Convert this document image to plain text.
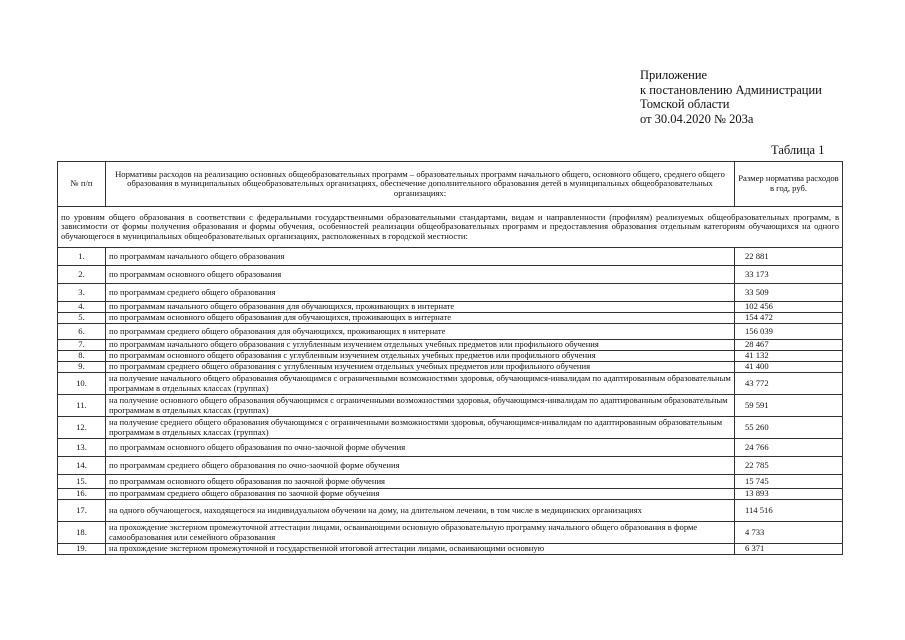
Приложение
к постановлению Администрации
Томской области
от 30.04.2020 № 203а
Таблица 1
№ п/п	Нормативы расходов на реализацию основных общеобразовательных программ – образовательных программ начального общего, основного общего, среднего общего образования в муниципальных общеобразовательных организациях, обеспечение дополнительного образования детей в муниципальных общеобразовательных организациях:	Размер норматива расходов в год, руб.
по уровням общего образования в соответствии с федеральными государственными образовательными стандартами, видам и направленности (профилям) реализуемых общеобразовательных программ, в зависимости от формы получения образования и формы обучения, особенностей реализации общеобразовательных программ и предоставления образования отдельным категориям обучающихся на одного обучающегося в муниципальных общеобразовательных организациях, расположенных в городской местности:		
1.	по программам начального общего образования	22 881
2.	по программам основного общего образования	33 173
3.	по программам среднего общего образования	33 509
4.	по программам начального общего образования для обучающихся, проживающих в интернате	102 456
5.	по программам основного общего образования для обучающихся, проживающих в интернате	154 472
6.	по программам среднего общего образования для обучающихся, проживающих в интернате	156 039
7.	по программам начального общего образования с углубленным изучением отдельных учебных предметов или профильного обучения	28 467
8.	по программам основного общего образования с углубленным изучением отдельных учебных предметов или профильного обучения	41 132
9.	по программам среднего общего образования с углубленным изучением отдельных учебных предметов или профильного обучения	41 400
10.	на получение начального общего образования обучающимся с ограниченными возможностями здоровья, обучающимся-инвалидам по адаптированным образовательным программам в отдельных классах (группах)	43 772
11.	на получение основного общего образования обучающимся с ограниченными возможностями здоровья, обучающимся-инвалидам по адаптированным образовательным программам в отдельных классах (группах)	59 591
12.	на получение среднего общего образования обучающимся с ограниченными возможностями здоровья, обучающимся-инвалидам по адаптированным образовательным программам в отдельных классах (группах)	55 260
13.	по программам основного общего образования по очно-заочной форме обучения	24 766
14.	по программам среднего общего образования по очно-заочной форме обучения	22 785
15.	по программам основного общего образования по заочной форме обучения	15 745
16.	по программам среднего общего образования по заочной форме обучения	13 893
17.	на одного обучающегося, находящегося на индивидуальном обучении на дому, на длительном лечении, в том числе в медицинских организациях	114 516
18.	на прохождение экстерном промежуточной аттестации лицами, осваивающими основную образовательную программу начального общего образования в форме самообразования или семейного образования	4 733
19.	на прохождение экстерном промежуточной и государственной итоговой аттестации лицами, осваивающими основную	6 371
